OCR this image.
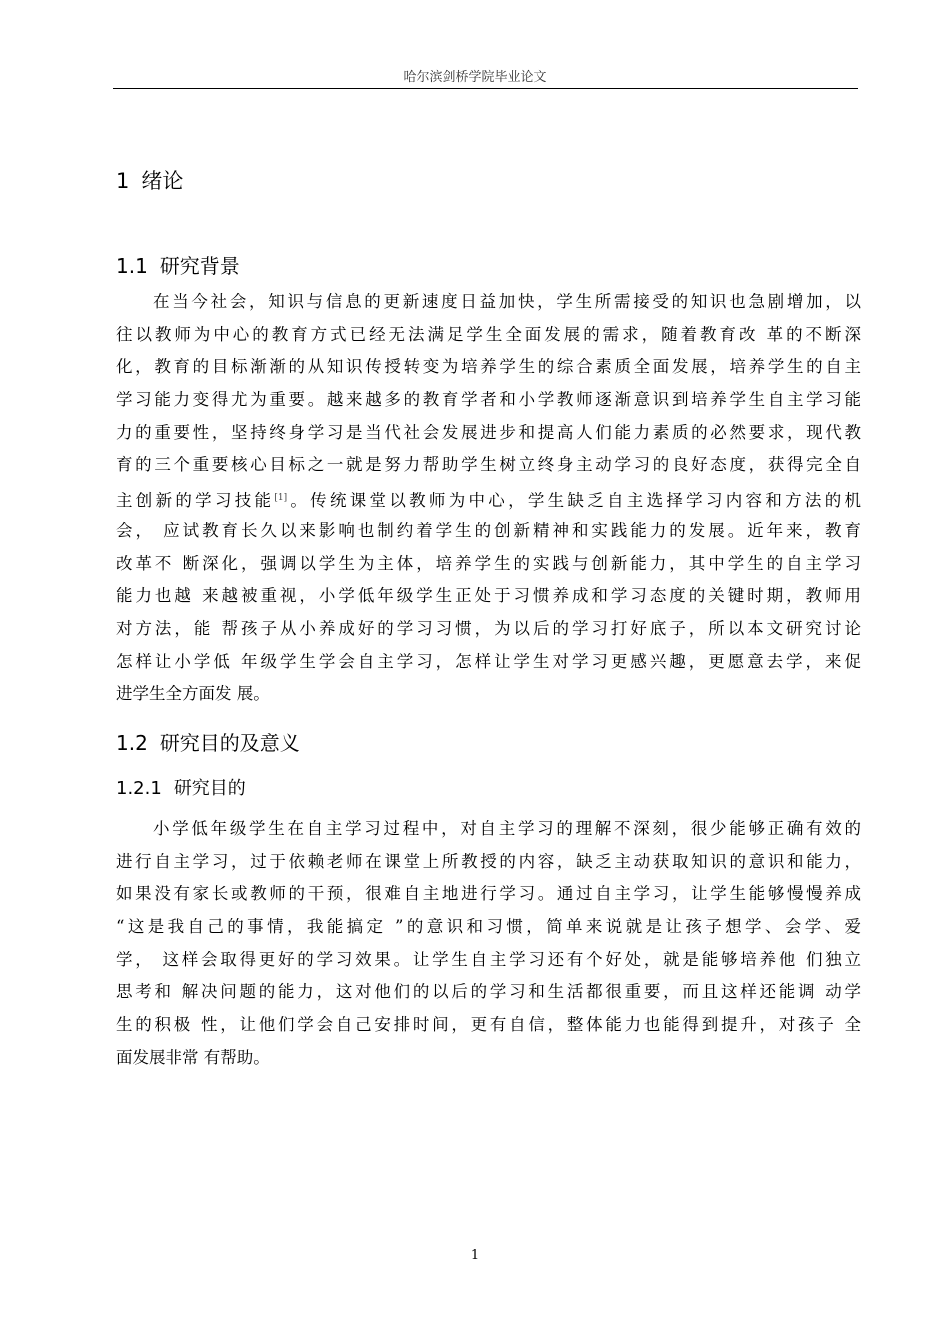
哈尔滨剑桥学院毕业论文
1 绪论
1.1 研究背景
在当今社会，知识与信息的更新速度日益加快，学生所需接受的知识也急剧增加，以
往以教师为中心的教育方式已经无法满足学生全面发展的需求，随着教育改 革的不断深
化，教育的目标渐渐的从知识传授转变为培养学生的综合素质全面发展，培养学生的自主
学习能力变得尤为重要。越来越多的教育学者和小学教师逐渐意识到培养学生自主学习能
力的重要性，坚持终身学习是当代社会发展进步和提高人们能力素质的必然要求，现代教
育的三个重要核心目标之一就是努力帮助学生树立终身主动学习的良好态度，获得完全自
主创新的学习技能[1]。传统课堂以教师为中心，学生缺乏自主选择学习内容和方法的机
会， 应试教育长久以来影响也制约着学生的创新精神和实践能力的发展。近年来，教育
改革不 断深化，强调以学生为主体，培养学生的实践与创新能力，其中学生的自主学习
能力也越 来越被重视，小学低年级学生正处于习惯养成和学习态度的关键时期，教师用
对方法，能 帮孩子从小养成好的学习习惯，为以后的学习打好底子，所以本文研究讨论
怎样让小学低 年级学生学会自主学习，怎样让学生对学习更感兴趣，更愿意去学，来促
进学生全方面发 展。
1.2 研究目的及意义
1.2.1 研究目的
小学低年级学生在自主学习过程中，对自主学习的理解不深刻，很少能够正确有效的
进行自主学习，过于依赖老师在课堂上所教授的内容，缺乏主动获取知识的意识和能力，
如果没有家长或教师的干预，很难自主地进行学习。通过自主学习，让学生能够慢慢养成
“这是我自己的事情，我能搞定 ”的意识和习惯，简单来说就是让孩子想学、会学、爱
学， 这样会取得更好的学习效果。让学生自主学习还有个好处，就是能够培养他 们独立
思考和 解决问题的能力，这对他们的以后的学习和生活都很重要，而且这样还能调 动学
生的积极 性，让他们学会自己安排时间，更有自信，整体能力也能得到提升，对孩子 全
面发展非常 有帮助。
1
